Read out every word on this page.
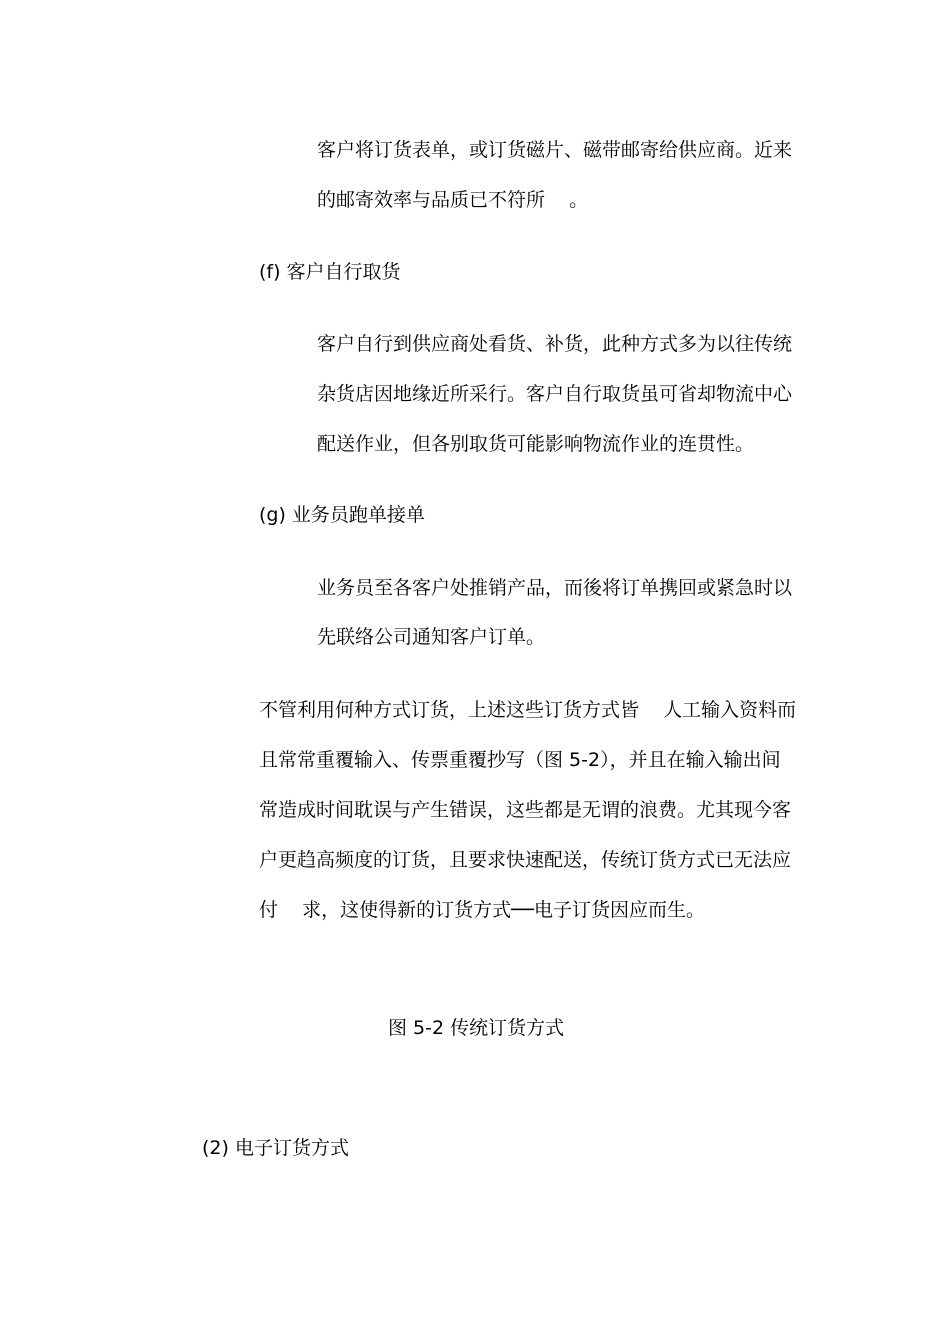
客户将订货表单，或订货磁片、磁带邮寄给供应商。近来
的邮寄效率与品质已不符所    。
(f) 客户自行取货
客户自行到供应商处看货、补货，此种方式多为以往传统
杂货店因地缘近所采行。客户自行取货虽可省却物流中心
配送作业，但各别取货可能影响物流作业的连贯性。
(g) 业务员跑单接单
业务员至各客户处推销产品，而後将订单携回或紧急时以
先联络公司通知客户订单。
不管利用何种方式订货，上述这些订货方式皆    人工输入资料而
且常常重覆输入、传票重覆抄写（图 5-2），并且在输入输出间
常造成时间耽误与产生错误，这些都是无谓的浪费。尤其现今客
户更趋高频度的订货，且要求快速配送，传统订货方式已无法应
付    求，这使得新的订货方式──电子订货因应而生。
图 5-2 传统订货方式
(2) 电子订货方式
